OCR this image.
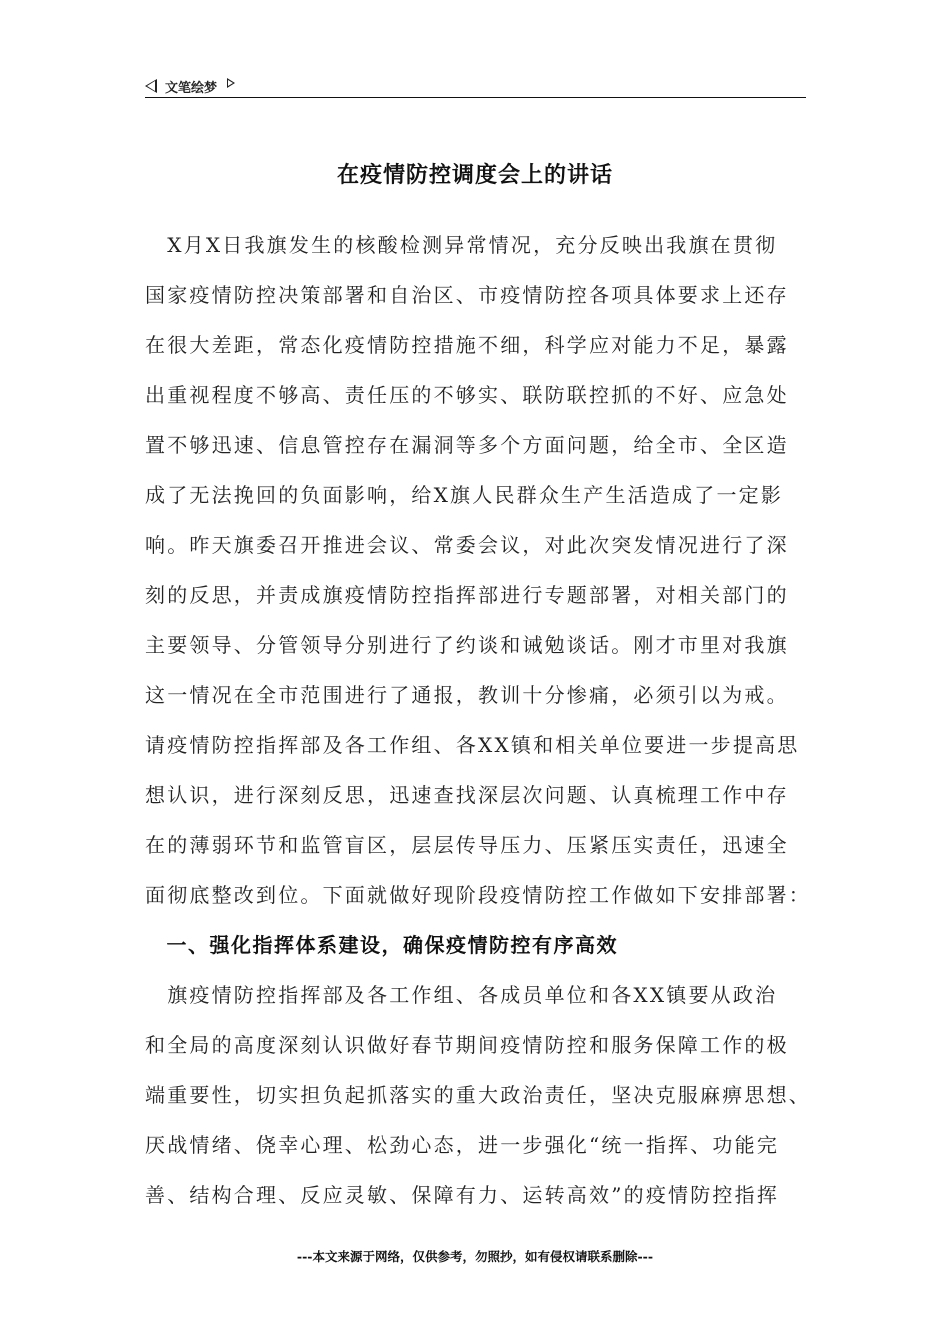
文笔绘梦
在疫情防控调度会上的讲话
　X月X日我旗发生的核酸检测异常情况，充分反映出我旗在贯彻
国家疫情防控决策部署和自治区、市疫情防控各项具体要求上还存
在很大差距，常态化疫情防控措施不细，科学应对能力不足，暴露
出重视程度不够高、责任压的不够实、联防联控抓的不好、应急处
置不够迅速、信息管控存在漏洞等多个方面问题，给全市、全区造
成了无法挽回的负面影响，给X旗人民群众生产生活造成了一定影
响。昨天旗委召开推进会议、常委会议，对此次突发情况进行了深
刻的反思，并责成旗疫情防控指挥部进行专题部署，对相关部门的
主要领导、分管领导分别进行了约谈和诫勉谈话。刚才市里对我旗
这一情况在全市范围进行了通报，教训十分惨痛，必须引以为戒。
请疫情防控指挥部及各工作组、各XX镇和相关单位要进一步提高思
想认识，进行深刻反思，迅速查找深层次问题、认真梳理工作中存
在的薄弱环节和监管盲区，层层传导压力、压紧压实责任，迅速全
面彻底整改到位。下面就做好现阶段疫情防控工作做如下安排部署：
　一、强化指挥体系建设，确保疫情防控有序高效
　旗疫情防控指挥部及各工作组、各成员单位和各XX镇要从政治
和全局的高度深刻认识做好春节期间疫情防控和服务保障工作的极
端重要性，切实担负起抓落实的重大政治责任，坚决克服麻痹思想、
厌战情绪、侥幸心理、松劲心态，进一步强化“统一指挥、功能完
善、结构合理、反应灵敏、保障有力、运转高效”的疫情防控指挥
---本文来源于网络，仅供参考，勿照抄，如有侵权请联系删除---
